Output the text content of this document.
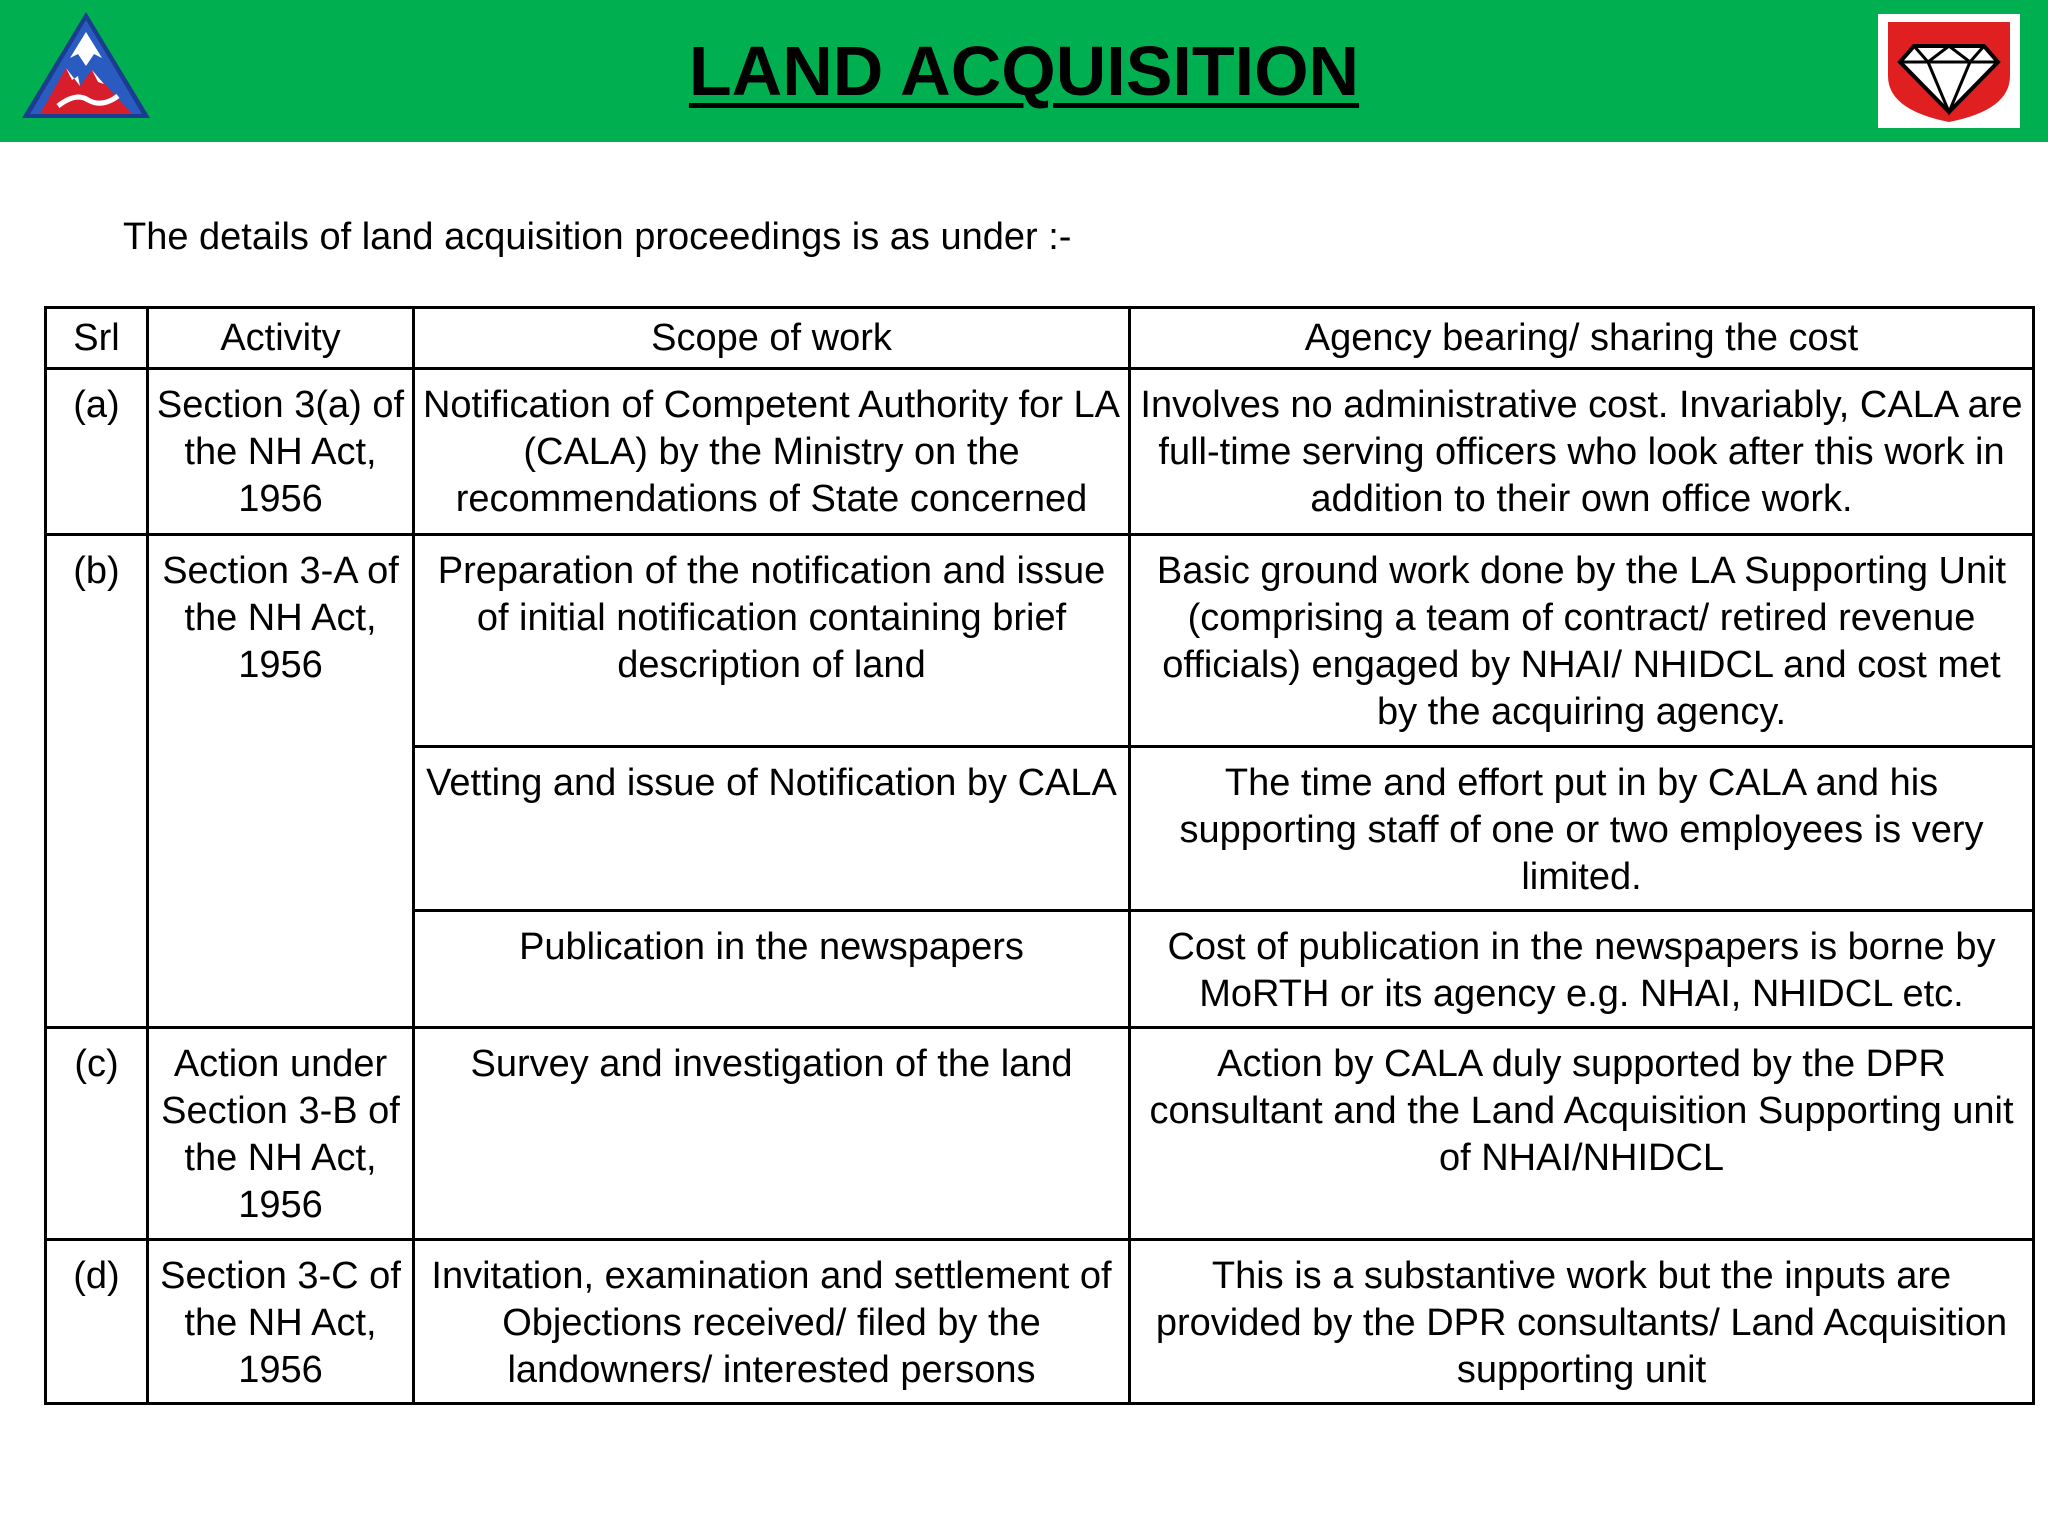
LAND ACQUISITION
The details of land acquisition proceedings is as under :-
Srl	Activity	Scope of work	Agency bearing/ sharing the cost
(a)	Section 3(a) of the NH Act, 1956	Notification of Competent Authority for LA (CALA) by the Ministry on the recommendations of State concerned	Involves no administrative cost. Invariably, CALA are full-time serving officers who look after this work in addition to their own office work.
(b)	Section 3-A of the NH Act, 1956	Preparation of the notification and issue of initial notification containing brief description of land	Basic ground work done by the LA Supporting Unit (comprising a team of contract/ retired revenue officials) engaged by NHAI/ NHIDCL and cost met by the acquiring agency.
		Vetting and issue of Notification by CALA	The time and effort put in by CALA and his supporting staff of one or two employees is very limited.
		Publication in the newspapers	Cost of publication in the newspapers is borne by MoRTH or its agency e.g. NHAI, NHIDCL etc.
(c)	Action under Section 3-B of the NH Act, 1956	Survey and investigation of the land	Action by CALA duly supported by the DPR consultant and the Land Acquisition Supporting unit of NHAI/NHIDCL
(d)	Section 3-C of the NH Act, 1956	Invitation, examination and settlement of Objections received/ filed by the landowners/ interested persons	This is a substantive work but the inputs are provided by the DPR consultants/ Land Acquisition supporting unit
